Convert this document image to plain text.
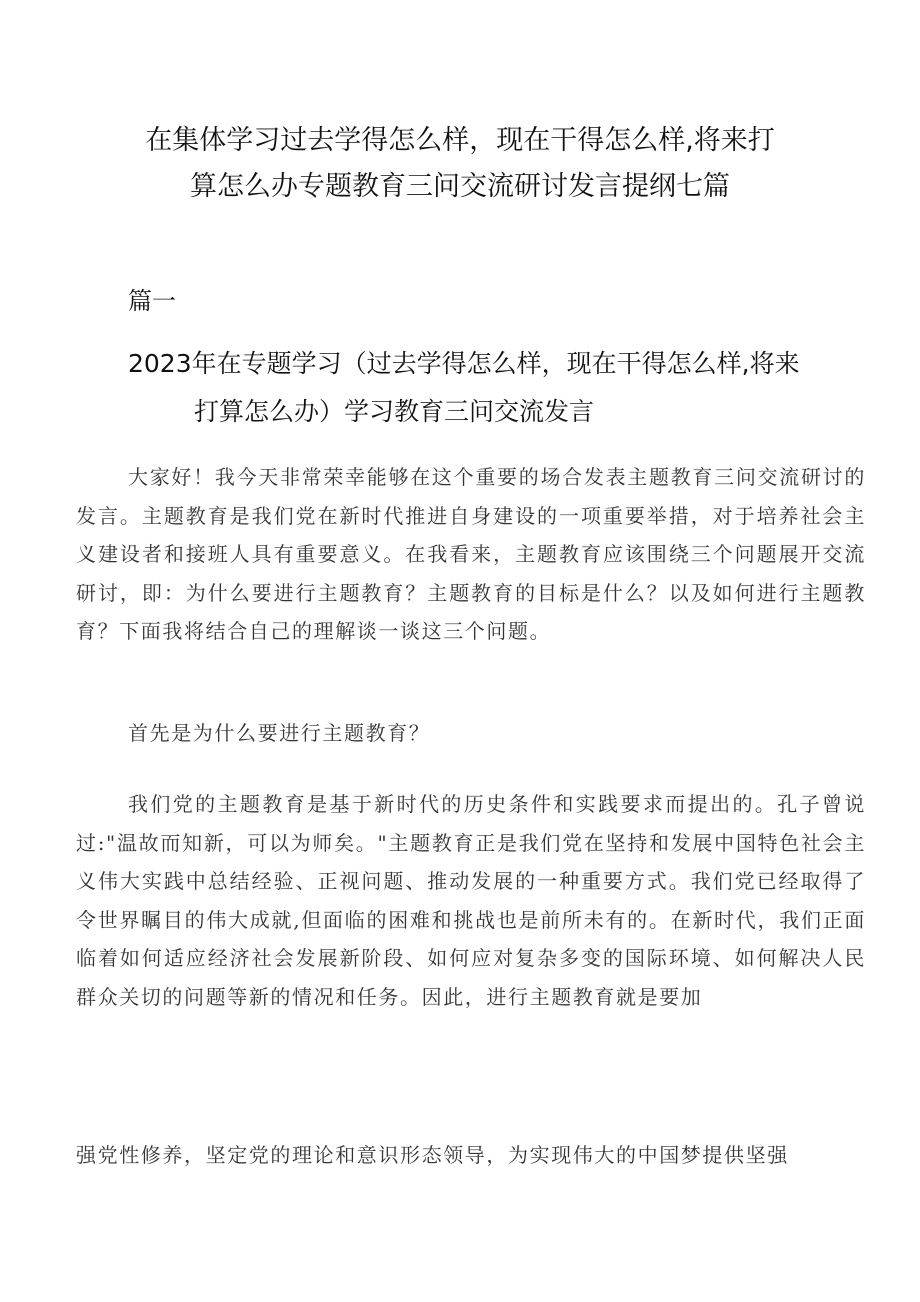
在集体学习过去学得怎么样，现在干得怎么样,将来打
算怎么办专题教育三问交流研讨发言提纲七篇
篇一
2023年在专题学习（过去学得怎么样，现在干得怎么样,将来
打算怎么办）学习教育三问交流发言

大家好！我今天非常荣幸能够在这个重要的场合发表主题教育三问交流研讨的发言。主题教育是我们党在新时代推进自身建设的一项重要举措，对于培养社会主义建设者和接班人具有重要意义。在我看来，主题教育应该围绕三个问题展开交流研讨，即：为什么要进行主题教育？主题教育的目标是什么？以及如何进行主题教育？下面我将结合自己的理解谈一谈这三个问题。

首先是为什么要进行主题教育？

我们党的主题教育是基于新时代的历史条件和实践要求而提出的。孔子曾说过:"温故而知新，可以为师矣。"主题教育正是我们党在坚持和发展中国特色社会主义伟大实践中总结经验、正视问题、推动发展的一种重要方式。我们党已经取得了令世界瞩目的伟大成就,但面临的困难和挑战也是前所未有的。在新时代，我们正面临着如何适应经济社会发展新阶段、如何应对复杂多变的国际环境、如何解决人民群众关切的问题等新的情况和任务。因此，进行主题教育就是要加

强党性修养，坚定党的理论和意识形态领导，为实现伟大的中国梦提供坚强
